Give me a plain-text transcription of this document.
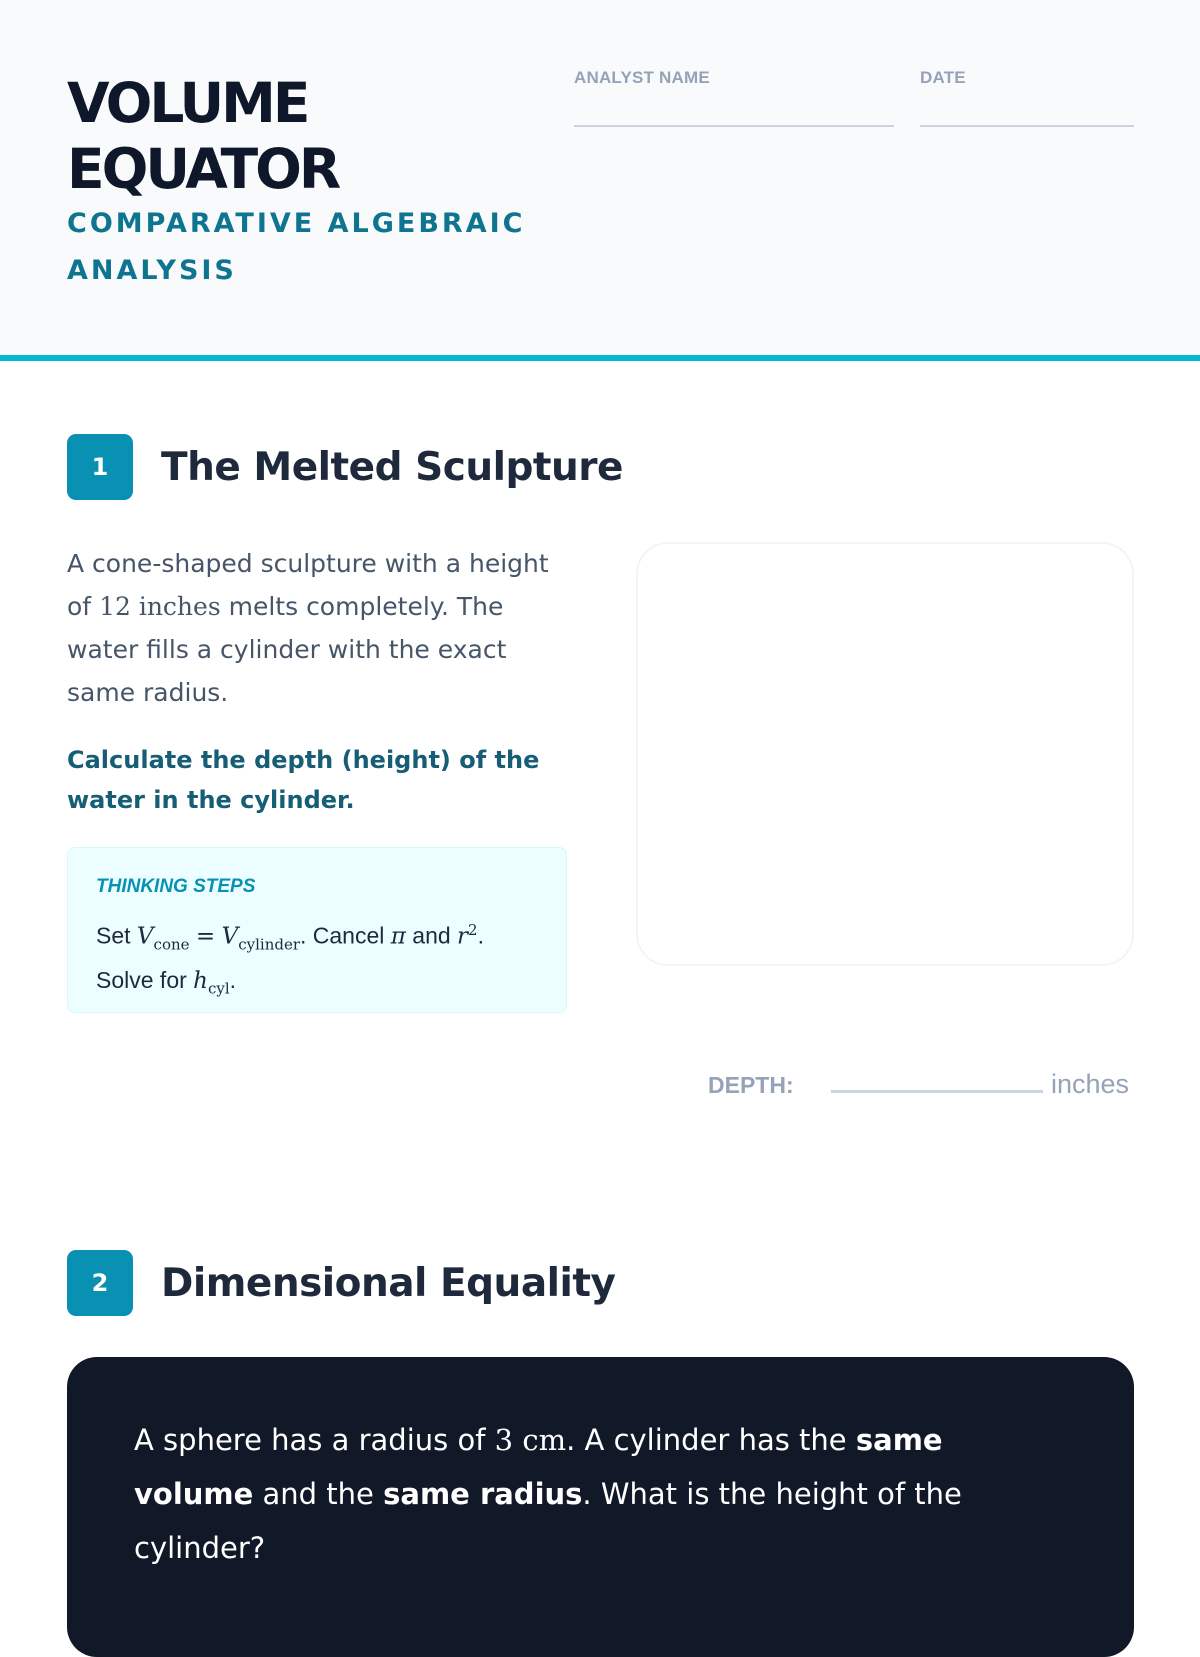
VOLUME
EQUATOR

COMPARATIVE ALGEBRAIC ANALYSIS

ANALYST NAME	DATE
1	The Melted Sculpture

A cone-shaped sculpture with a height of 12 inches melts completely. The water fills a cylinder with the exact same radius.

Calculate the depth (height) of the water in the cylinder.

THINKING STEPS
Set $V_{cone} = V_{cylinder}$. Cancel π and $r^2$.
Solve for $h_{cyl}$.
DEPTH:	inches
2	Dimensional Equality

A sphere has a radius of 3 cm. A cylinder has the same volume and the same radius. What is the height of the cylinder?
